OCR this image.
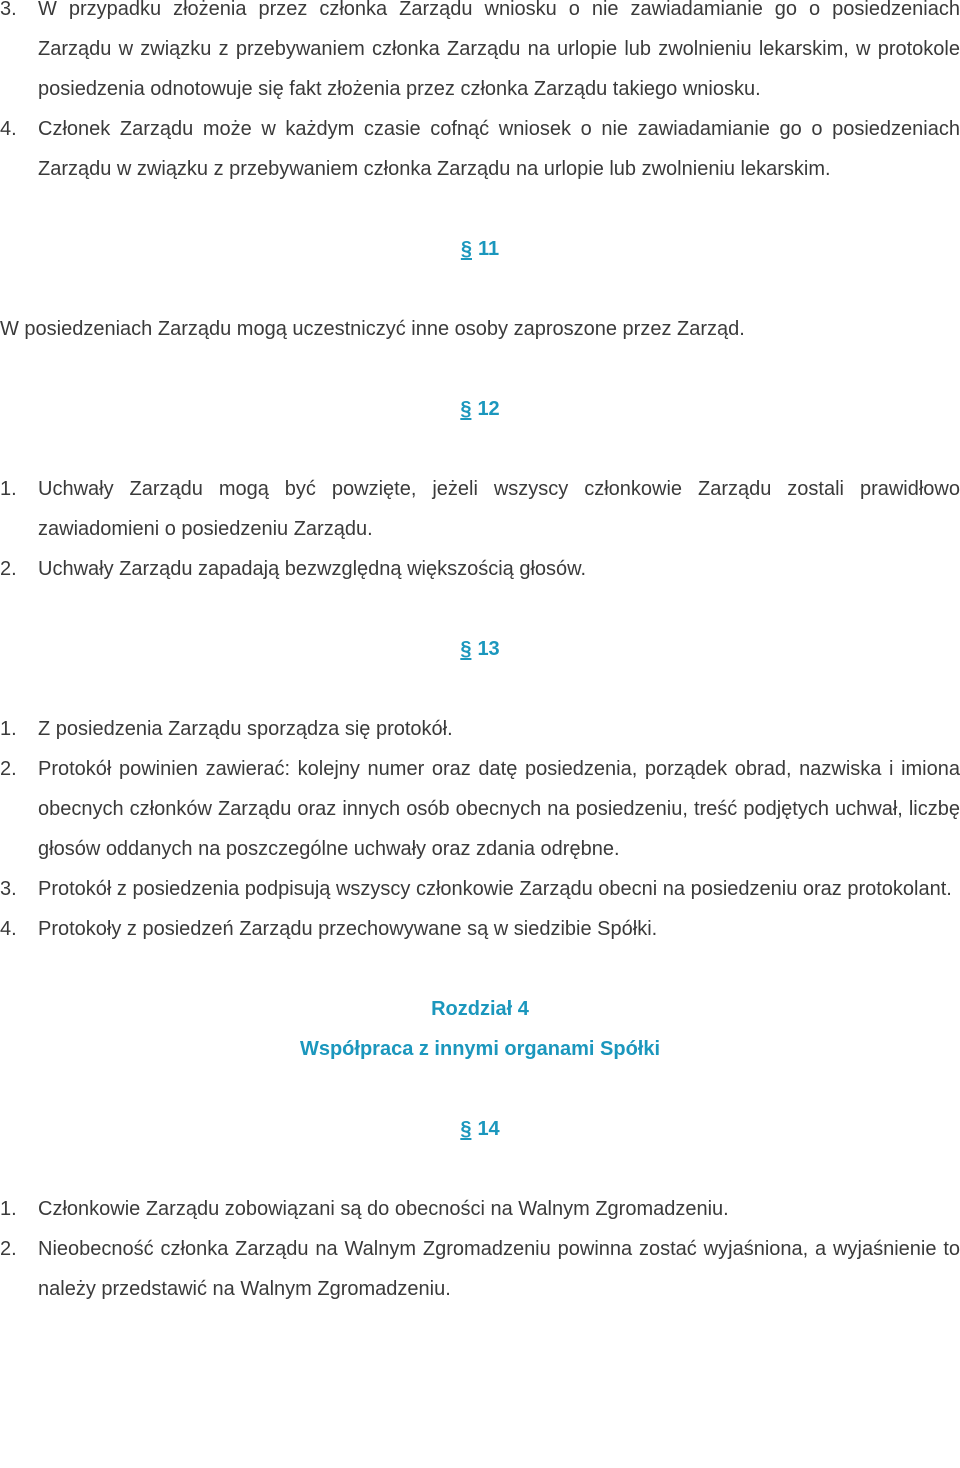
3. W przypadku złożenia przez członka Zarządu wniosku o nie zawiadamianie go o posiedzeniach Zarządu w związku z przebywaniem członka Zarządu na urlopie lub zwolnieniu lekarskim, w protokole posiedzenia odnotowuje się fakt złożenia przez członka Zarządu takiego wniosku.

4. Członek Zarządu może w każdym czasie cofnąć wniosek o nie zawiadamianie go o posiedzeniach Zarządu w związku z przebywaniem członka Zarządu na urlopie lub zwolnieniu lekarskim.

§ 11

W posiedzeniach Zarządu mogą uczestniczyć inne osoby zaproszone przez Zarząd.

§ 12

1. Uchwały Zarządu mogą być powzięte, jeżeli wszyscy członkowie Zarządu zostali prawidłowo zawiadomieni o posiedzeniu Zarządu.

2. Uchwały Zarządu zapadają bezwzględną większością głosów.

§ 13

1. Z posiedzenia Zarządu sporządza się protokół.

2. Protokół powinien zawierać: kolejny numer oraz datę posiedzenia, porządek obrad, nazwiska i imiona obecnych członków Zarządu oraz innych osób obecnych na posiedzeniu, treść podjętych uchwał, liczbę głosów oddanych na poszczególne uchwały oraz zdania odrębne.

3. Protokół z posiedzenia podpisują wszyscy członkowie Zarządu obecni na posiedzeniu oraz protokolant.

4. Protokoły z posiedzeń Zarządu przechowywane są w siedzibie Spółki.

Rozdział 4

Współpraca z innymi organami Spółki

§ 14

1. Członkowie Zarządu zobowiązani są do obecności na Walnym Zgromadzeniu.

2. Nieobecność członka Zarządu na Walnym Zgromadzeniu powinna zostać wyjaśniona, a wyjaśnienie to należy przedstawić na Walnym Zgromadzeniu.
